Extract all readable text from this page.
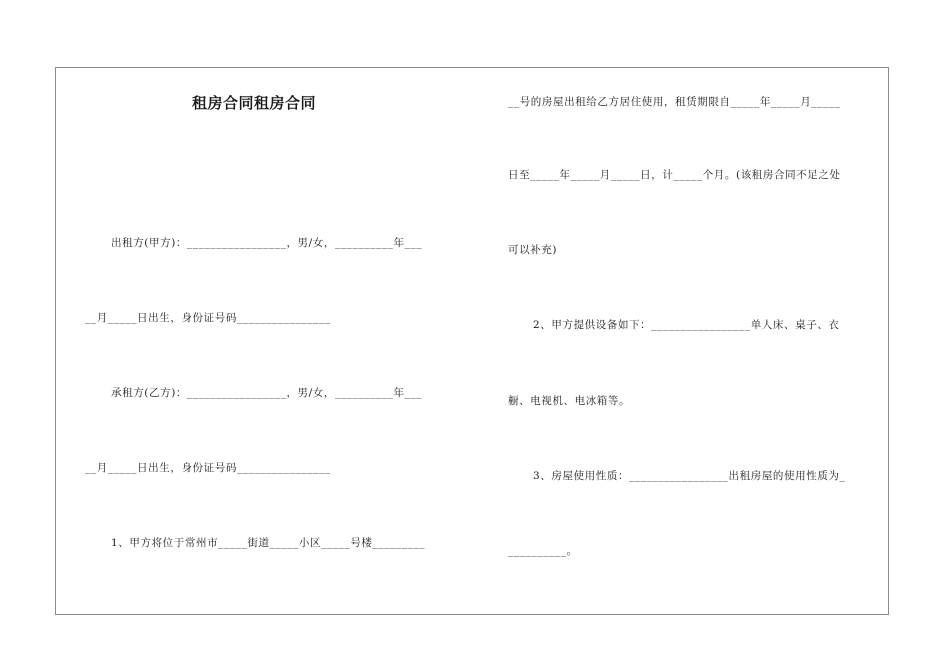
租房合同租房合同
出租方(甲方)：_________________，男/女，__________年___
__月_____日出生，身份证号码________________
承租方(乙方)：_________________，男/女，__________年___
__月_____日出生，身份证号码________________
1、甲方将位于常州市_____街道_____小区_____号楼_________
__号的房屋出租给乙方居住使用，租赁期限自_____年_____月_____
日至_____年_____月_____日，计_____个月。(该租房合同不足之处
可以补充)
2、甲方提供设备如下：_________________单人床、桌子、衣
橱、电视机、电冰箱等。
3、房屋使用性质：_________________出租房屋的使用性质为_
__________。
